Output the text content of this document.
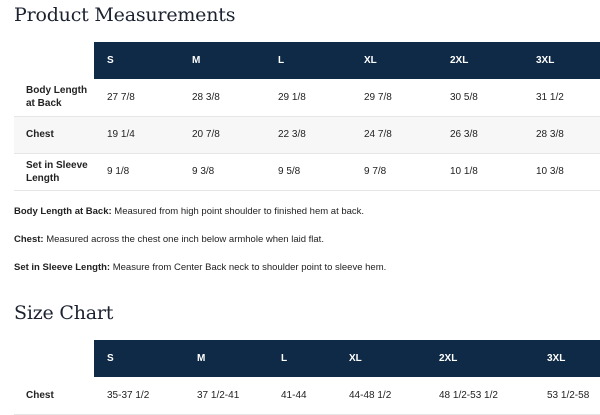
Product Measurements
	S	M	L	XL	2XL	3XL
Body Length at Back	27 7/8	28 3/8	29 1/8	29 7/8	30 5/8	31 1/2
Chest	19 1/4	20 7/8	22 3/8	24 7/8	26 3/8	28 3/8
Set in Sleeve Length	9 1/8	9 3/8	9 5/8	9 7/8	10 1/8	10 3/8

Body Length at Back: Measured from high point shoulder to finished hem at back.

Chest: Measured across the chest one inch below armhole when laid flat.

Set in Sleeve Length: Measure from Center Back neck to shoulder point to sleeve hem.

Size Chart
	S	M	L	XL	2XL	3XL
Chest	35-37 1/2	37 1/2-41	41-44	44-48 1/2	48 1/2-53 1/2	53 1/2-58
